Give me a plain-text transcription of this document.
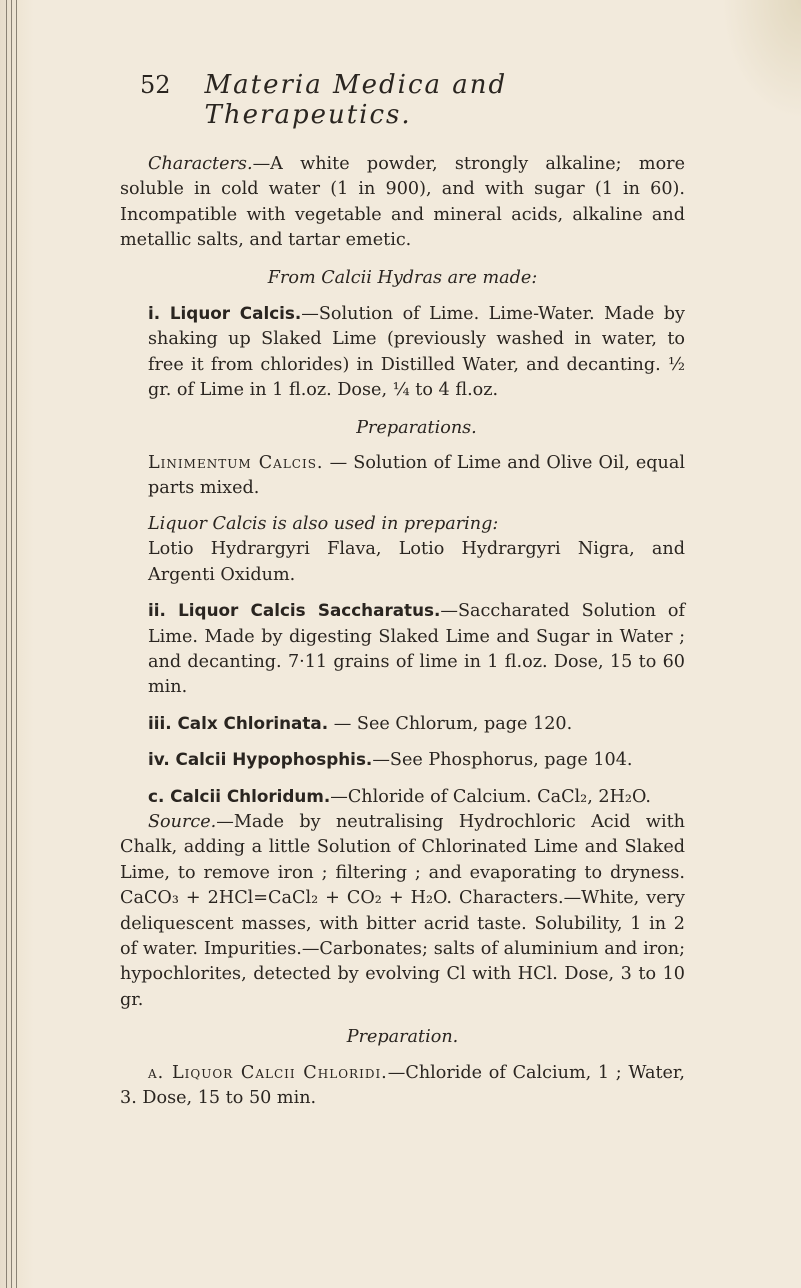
52 Materia Medica and Therapeutics.

Characters.—A white powder, strongly alkaline; more soluble in cold water (1 in 900), and with sugar (1 in 60). Incompatible with vegetable and mineral acids, alkaline and metallic salts, and tartar emetic.

From Calcii Hydras are made:

i. Liquor Calcis.—Solution of Lime. Lime-Water. Made by shaking up Slaked Lime (previously washed in water, to free it from chlorides) in Distilled Water, and decanting. ½ gr. of Lime in 1 fl.oz. Dose, ¼ to 4 fl.oz.

Preparations.

Linimentum Calcis. — Solution of Lime and Olive Oil, equal parts mixed.

Liquor Calcis is also used in preparing:

Lotio Hydrargyri Flava, Lotio Hydrargyri Nigra, and Argenti Oxidum.

ii. Liquor Calcis Saccharatus.—Saccharated Solution of Lime. Made by digesting Slaked Lime and Sugar in Water ; and decanting. 7·11 grains of lime in 1 fl.oz. Dose, 15 to 60 min.

iii. Calx Chlorinata. — See Chlorum, page 120.

iv. Calcii Hypophosphis.—See Phosphorus, page 104.

c. Calcii Chloridum.—Chloride of Calcium. CaCl₂, 2H₂O.

Source.—Made by neutralising Hydrochloric Acid with Chalk, adding a little Solution of Chlorinated Lime and Slaked Lime, to remove iron ; filtering ; and evaporating to dryness. CaCO₃ + 2HCl=CaCl₂ + CO₂ + H₂O. Characters.—White, very deliquescent masses, with bitter acrid taste. Solubility, 1 in 2 of water. Impurities.—Carbonates; salts of aluminium and iron; hypochlorites, detected by evolving Cl with HCl. Dose, 3 to 10 gr.

Preparation.

a. Liquor Calcii Chloridi.—Chloride of Calcium, 1 ; Water, 3. Dose, 15 to 50 min.
